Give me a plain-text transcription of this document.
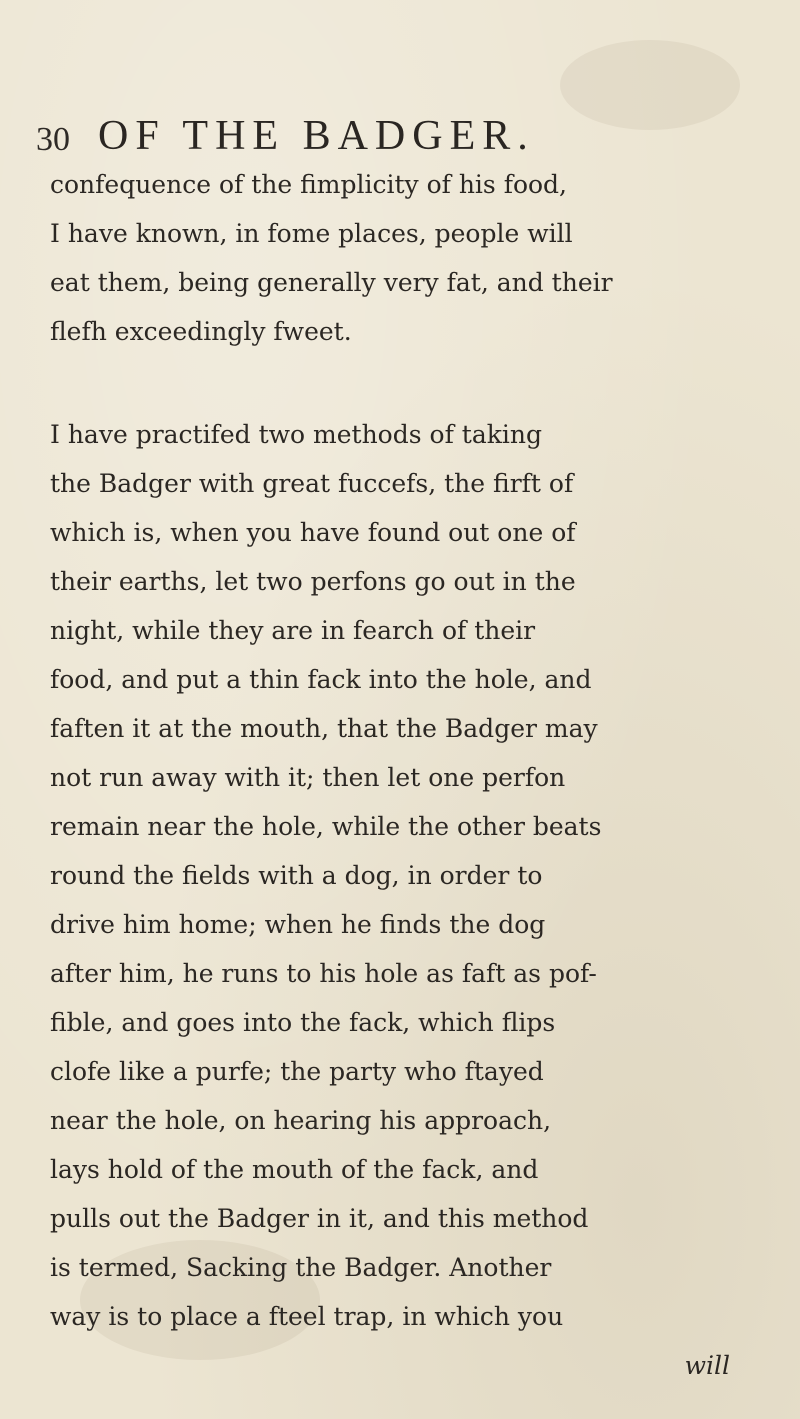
30 OF THE BADGER.

confequence of the fimplicity of his food,
I have known, in fome places, people will
eat them, being generally very fat, and their
flefh exceedingly fweet.

I have practifed two methods of taking
the Badger with great fuccefs, the firft of
which is, when you have found out one of
their earths, let two perfons go out in the
night, while they are in fearch of their
food, and put a thin fack into the hole, and
faften it at the mouth, that the Badger may
not run away with it; then let one perfon
remain near the hole, while the other beats
round the fields with a dog, in order to
drive him home; when he finds the dog
after him, he runs to his hole as faft as pof-
fible, and goes into the fack, which flips
clofe like a purfe; the party who ftayed
near the hole, on hearing his approach,
lays hold of the mouth of the fack, and
pulls out the Badger in it, and this method
is termed, Sacking the Badger. Another
way is to place a fteel trap, in which you
will
